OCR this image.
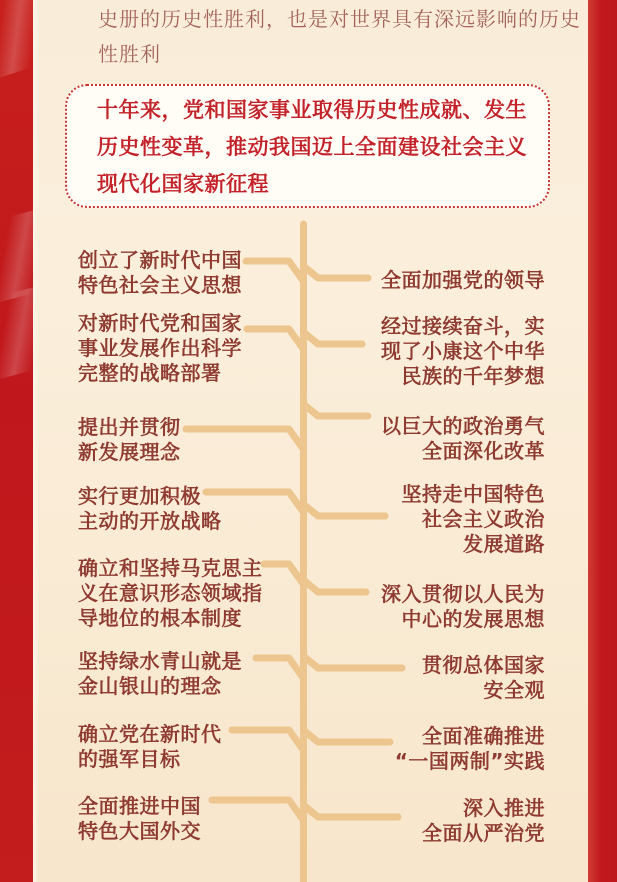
史册的历史性胜利，也是对世界具有深远影响的历史
性胜利
十年来，党和国家事业取得历史性成就、发生
历史性变革，推动我国迈上全面建设社会主义
现代化国家新征程
创立了新时代中国
特色社会主义思想
对新时代党和国家
事业发展作出科学
完整的战略部署
提出并贯彻
新发展理念
实行更加积极
主动的开放战略
确立和坚持马克思主
义在意识形态领域指
导地位的根本制度
坚持绿水青山就是
金山银山的理念
确立党在新时代
的强军目标
全面推进中国
特色大国外交
全面加强党的领导
经过接续奋斗，实
现了小康这个中华
民族的千年梦想
以巨大的政治勇气
全面深化改革
坚持走中国特色
社会主义政治
发展道路
深入贯彻以人民为
中心的发展思想
贯彻总体国家
安全观
全面准确推进
“一国两制”实践
深入推进
全面从严治党
